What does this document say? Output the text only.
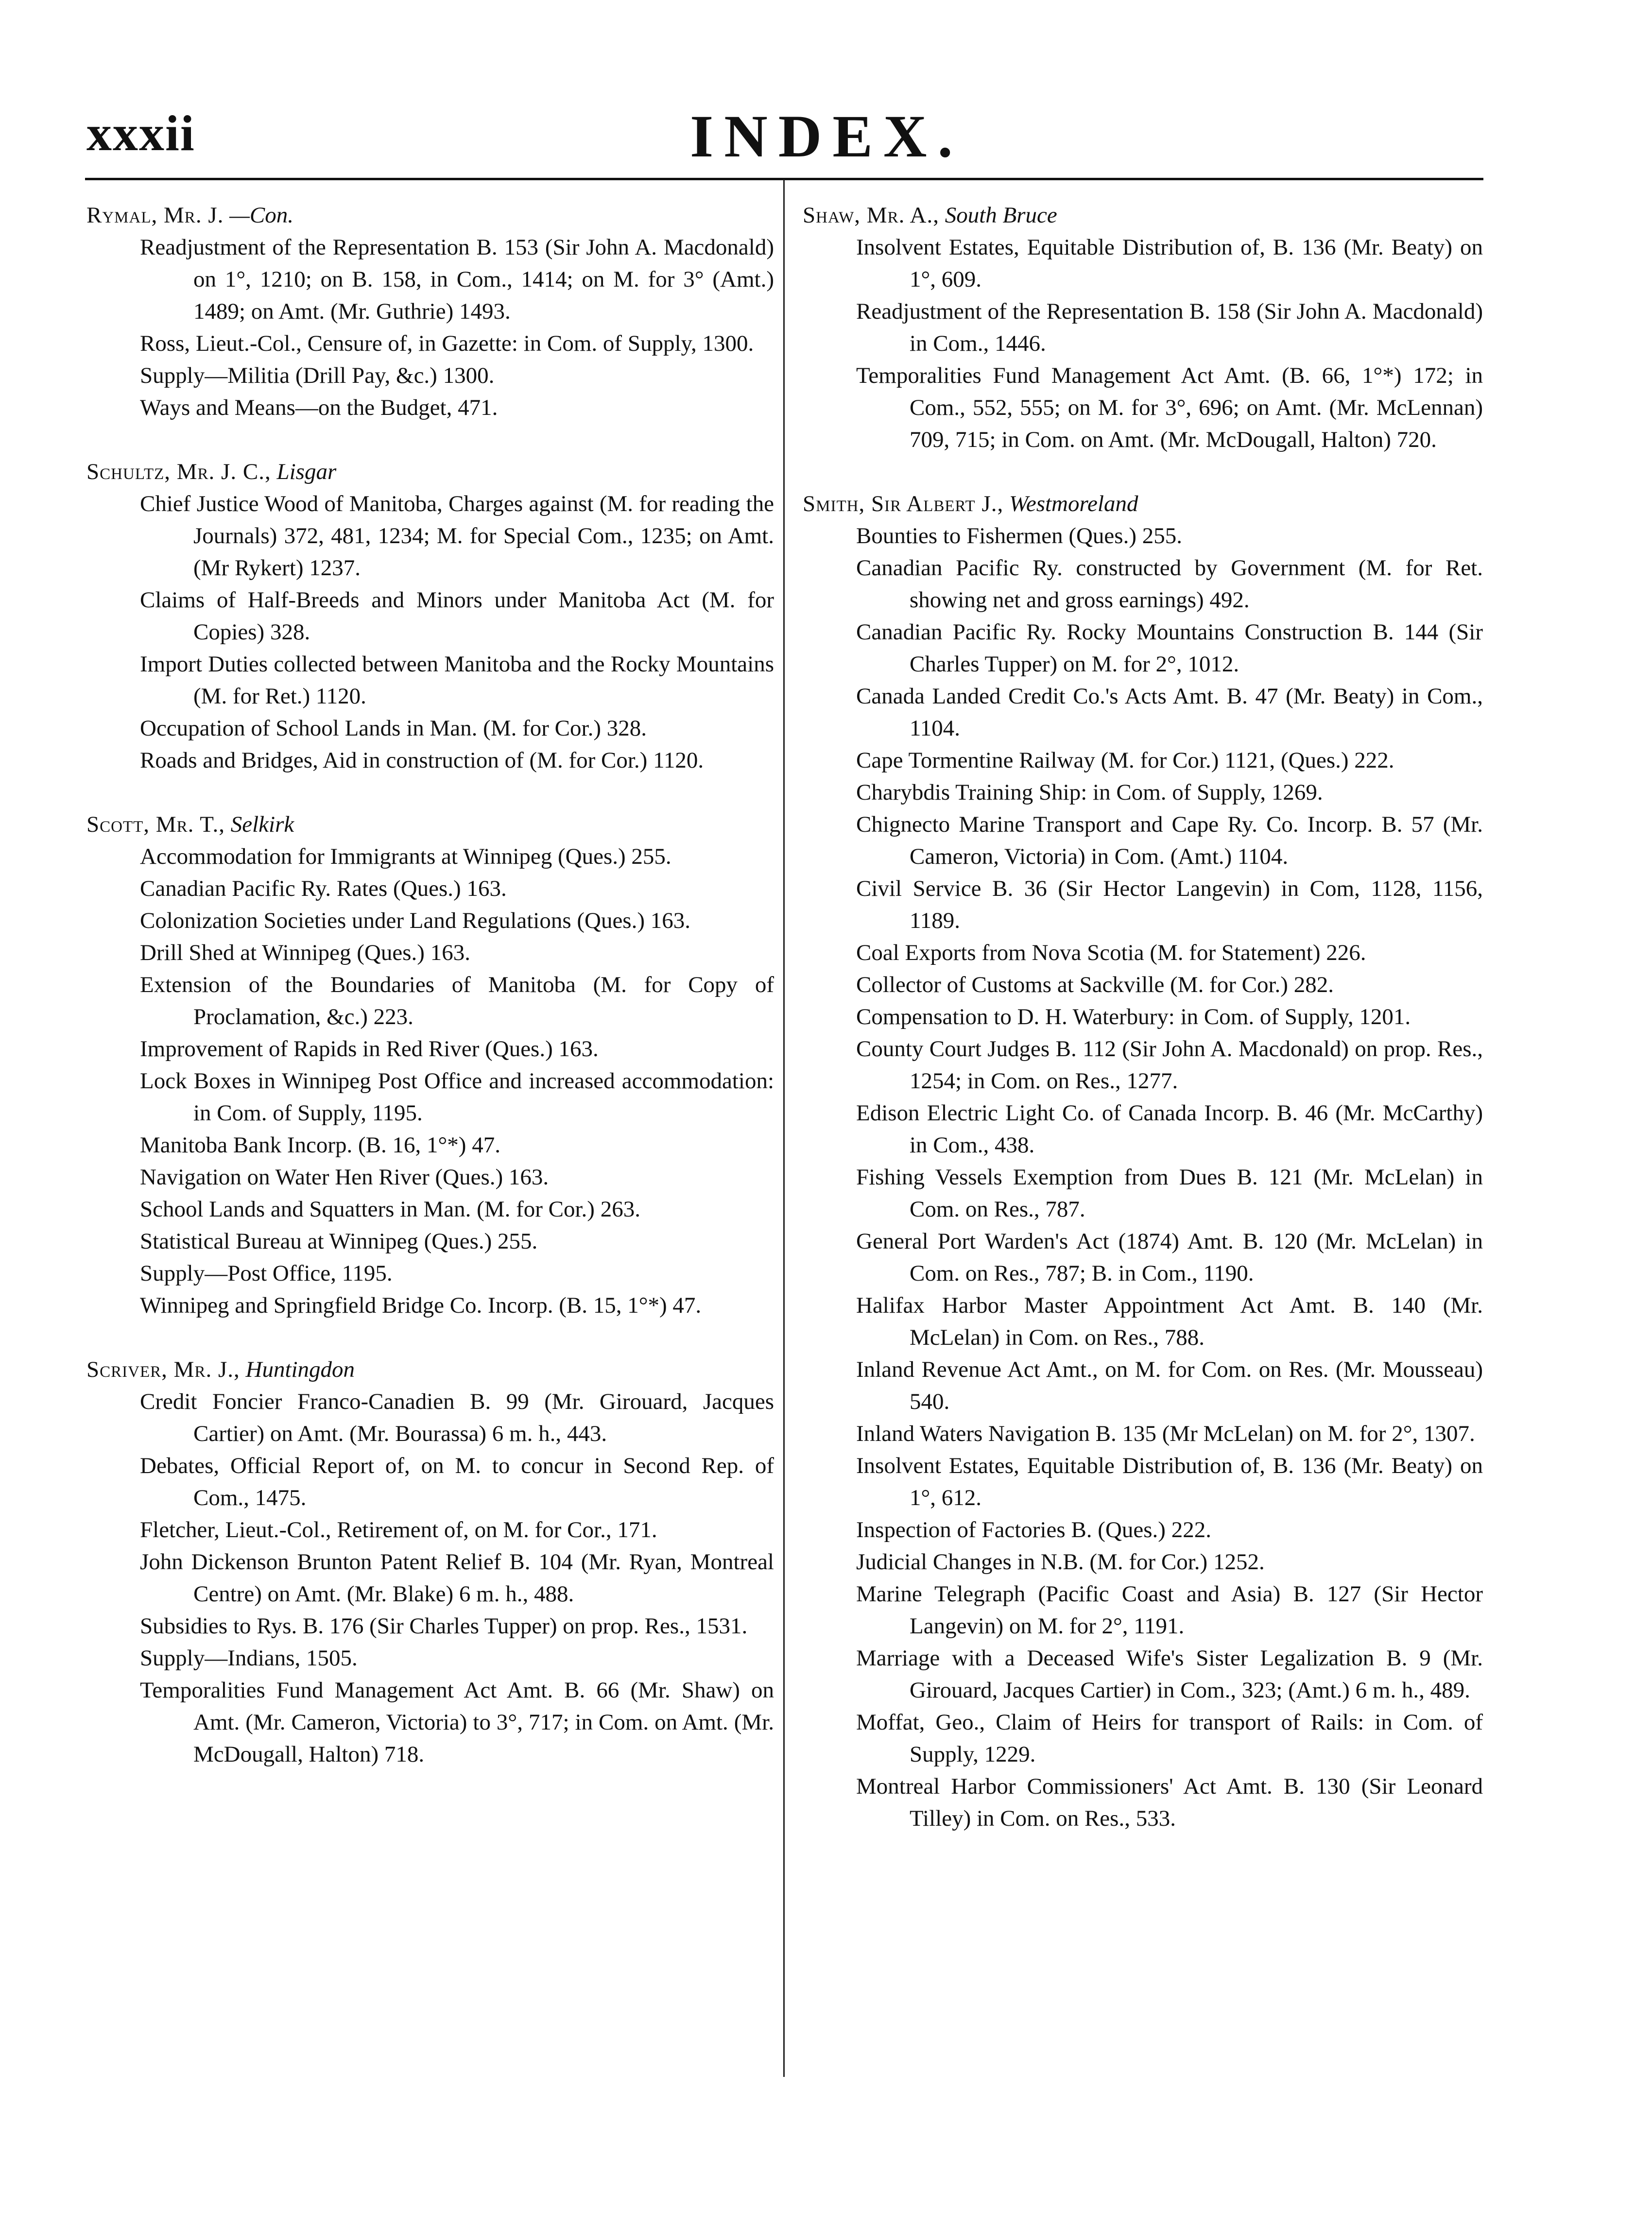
xxxii	INDEX.
Rymal, Mr. J. —Con.
Readjustment of the Representation B. 153 (Sir John A. Macdonald) on 1°, 1210; on B. 158, in Com., 1414; on M. for 3° (Amt.) 1489; on Amt. (Mr. Guthrie) 1493.
Ross, Lieut.-Col., Censure of, in Gazette: in Com. of Supply, 1300.
Supply—Militia (Drill Pay, &c.) 1300.
Ways and Means—on the Budget, 471.
Schultz, Mr. J. C., Lisgar
Chief Justice Wood of Manitoba, Charges against (M. for reading the Journals) 372, 481, 1234; M. for Special Com., 1235; on Amt. (Mr Rykert) 1237.
Claims of Half-Breeds and Minors under Manitoba Act (M. for Copies) 328.
Import Duties collected between Manitoba and the Rocky Mountains (M. for Ret.) 1120.
Occupation of School Lands in Man. (M. for Cor.) 328.
Roads and Bridges, Aid in construction of (M. for Cor.) 1120.
Scott, Mr. T., Selkirk
Accommodation for Immigrants at Winnipeg (Ques.) 255.
Canadian Pacific Ry. Rates (Ques.) 163.
Colonization Societies under Land Regulations (Ques.) 163.
Drill Shed at Winnipeg (Ques.) 163.
Extension of the Boundaries of Manitoba (M. for Copy of Proclamation, &c.) 223.
Improvement of Rapids in Red River (Ques.) 163.
Lock Boxes in Winnipeg Post Office and increased accommodation: in Com. of Supply, 1195.
Manitoba Bank Incorp. (B. 16, 1°*) 47.
Navigation on Water Hen River (Ques.) 163.
School Lands and Squatters in Man. (M. for Cor.) 263.
Statistical Bureau at Winnipeg (Ques.) 255.
Supply—Post Office, 1195.
Winnipeg and Springfield Bridge Co. Incorp. (B. 15, 1°*) 47.
Scriver, Mr. J., Huntingdon
Credit Foncier Franco-Canadien B. 99 (Mr. Girouard, Jacques Cartier) on Amt. (Mr. Bourassa) 6 m. h., 443.
Debates, Official Report of, on M. to concur in Second Rep. of Com., 1475.
Fletcher, Lieut.-Col., Retirement of, on M. for Cor., 171.
John Dickenson Brunton Patent Relief B. 104 (Mr. Ryan, Montreal Centre) on Amt. (Mr. Blake) 6 m. h., 488.
Subsidies to Rys. B. 176 (Sir Charles Tupper) on prop. Res., 1531.
Supply—Indians, 1505.
Temporalities Fund Management Act Amt. B. 66 (Mr. Shaw) on Amt. (Mr. Cameron, Victoria) to 3°, 717; in Com. on Amt. (Mr. McDougall, Halton) 718.
Shaw, Mr. A., South Bruce
Insolvent Estates, Equitable Distribution of, B. 136 (Mr. Beaty) on 1°, 609.
Readjustment of the Representation B. 158 (Sir John A. Macdonald) in Com., 1446.
Temporalities Fund Management Act Amt. (B. 66, 1°*) 172; in Com., 552, 555; on M. for 3°, 696; on Amt. (Mr. McLennan) 709, 715; in Com. on Amt. (Mr. McDougall, Halton) 720.
Smith, Sir Albert J., Westmoreland
Bounties to Fishermen (Ques.) 255.
Canadian Pacific Ry. constructed by Government (M. for Ret. showing net and gross earnings) 492.
Canadian Pacific Ry. Rocky Mountains Construction B. 144 (Sir Charles Tupper) on M. for 2°, 1012.
Canada Landed Credit Co.'s Acts Amt. B. 47 (Mr. Beaty) in Com., 1104.
Cape Tormentine Railway (M. for Cor.) 1121, (Ques.) 222.
Charybdis Training Ship: in Com. of Supply, 1269.
Chignecto Marine Transport and Cape Ry. Co. Incorp. B. 57 (Mr. Cameron, Victoria) in Com. (Amt.) 1104.
Civil Service B. 36 (Sir Hector Langevin) in Com, 1128, 1156, 1189.
Coal Exports from Nova Scotia (M. for Statement) 226.
Collector of Customs at Sackville (M. for Cor.) 282.
Compensation to D. H. Waterbury: in Com. of Supply, 1201.
County Court Judges B. 112 (Sir John A. Macdonald) on prop. Res., 1254; in Com. on Res., 1277.
Edison Electric Light Co. of Canada Incorp. B. 46 (Mr. McCarthy) in Com., 438.
Fishing Vessels Exemption from Dues B. 121 (Mr. McLelan) in Com. on Res., 787.
General Port Warden's Act (1874) Amt. B. 120 (Mr. McLelan) in Com. on Res., 787; B. in Com., 1190.
Halifax Harbor Master Appointment Act Amt. B. 140 (Mr. McLelan) in Com. on Res., 788.
Inland Revenue Act Amt., on M. for Com. on Res. (Mr. Mousseau) 540.
Inland Waters Navigation B. 135 (Mr McLelan) on M. for 2°, 1307.
Insolvent Estates, Equitable Distribution of, B. 136 (Mr. Beaty) on 1°, 612.
Inspection of Factories B. (Ques.) 222.
Judicial Changes in N.B. (M. for Cor.) 1252.
Marine Telegraph (Pacific Coast and Asia) B. 127 (Sir Hector Langevin) on M. for 2°, 1191.
Marriage with a Deceased Wife's Sister Legalization B. 9 (Mr. Girouard, Jacques Cartier) in Com., 323; (Amt.) 6 m. h., 489.
Moffat, Geo., Claim of Heirs for transport of Rails: in Com. of Supply, 1229.
Montreal Harbor Commissioners' Act Amt. B. 130 (Sir Leonard Tilley) in Com. on Res., 533.
